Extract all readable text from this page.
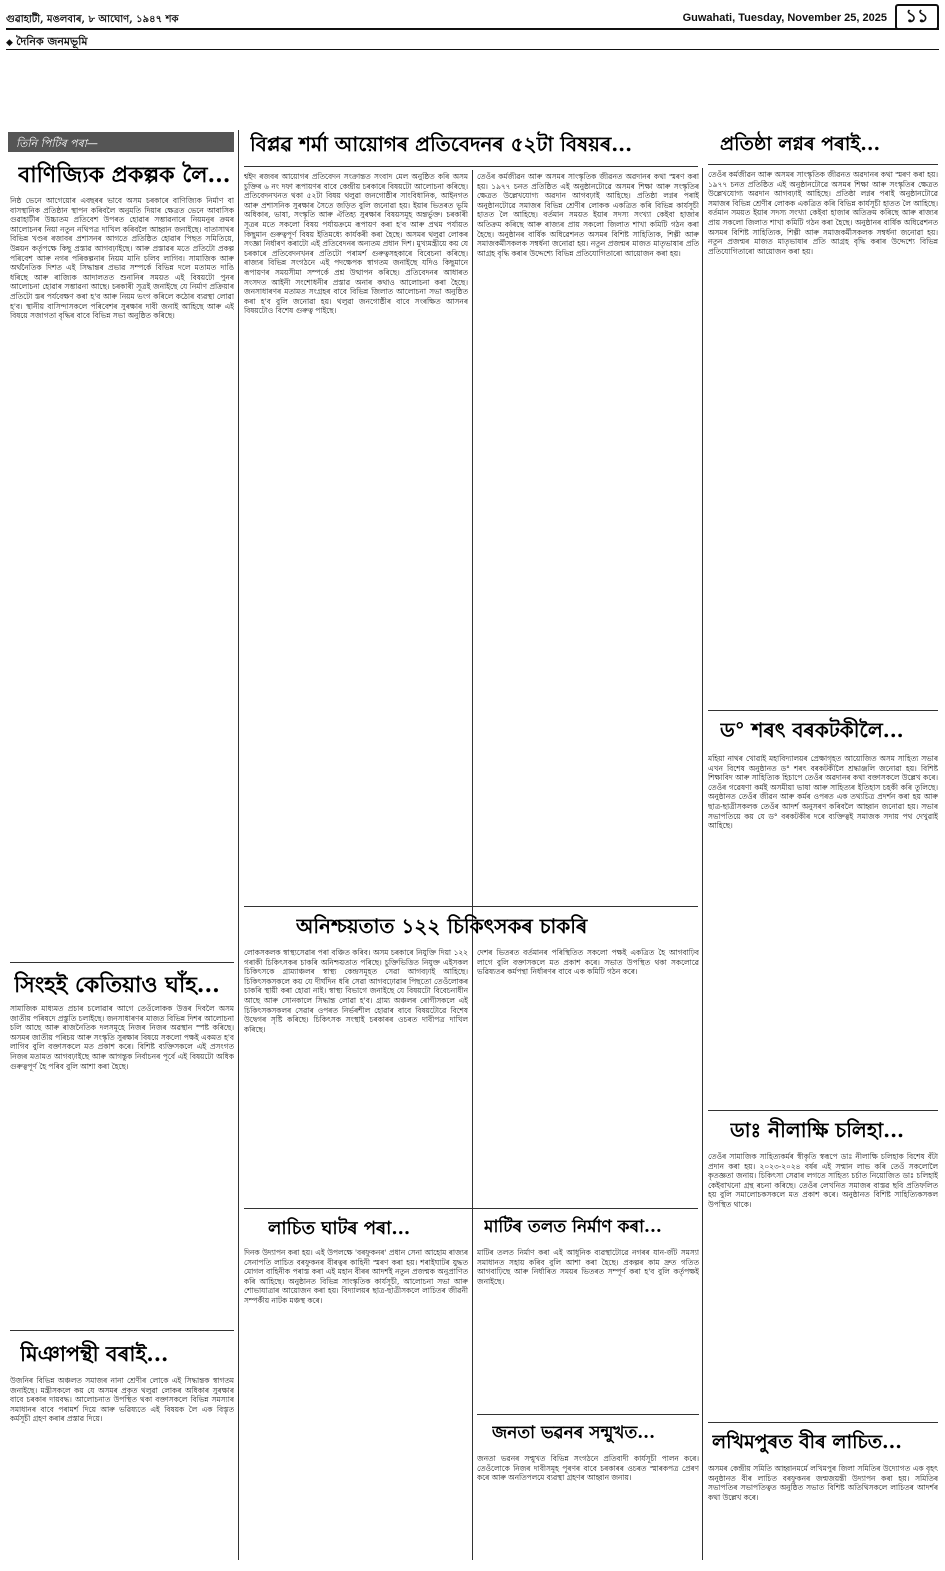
গুৱাহাটী, মঙলবাৰ, ৮ আঘোণ, ১৯৪৭ শক	Guwahati, Tuesday, November 25, 2025	১১
◆ দৈনিক জনমভূমি
তিনি পিটিৰ পৰা—
বাণিজ্যিক প্ৰকল্পক লৈ...
নিষ্ঠ ভেনে আগেয়োৰ এবছৰৰ ভাবে অসম চৰকাৰে বাণিজ্যিক নিৰ্মাণ বা বাসস্থানিক প্ৰতিষ্ঠান স্থাপন কৰিবলৈ অনুমতি দিয়াৰ ক্ষেত্ৰত ভেনে আবাসিক গুৱাহাটীৰ উচ্চ্যতম প্ৰতিবেশ উপৰত হোৱাৰ সম্ভাৱনাৰে নিয়মনুৰ ক্ৰমৰ আলোচনৰ নিয়া নতুন নথিপত্ৰ দাখিল কৰিবলৈ আহ্বান জনাইছে। বাতাসাথৰ বিভিন্ন খণ্ডৰ ৰজাবৰ প্ৰশাসনৰ আগতে প্ৰতিষ্ঠিত হোৱাৰ পিছত সমিতিয়ে, উন্নয়ন কৰ্তৃপক্ষে কিছু প্ৰস্তাৱ আগবঢ়াইছে। আৰু প্ৰস্তাৱৰ মতে প্ৰতিটো প্ৰকল্প পৰিবেশ আৰু নগৰ পৰিকল্পনাৰ নিয়ম মানি চলিব লাগিব। সামাজিক আৰু অৰ্থনৈতিক দিশত এই সিদ্ধান্তৰ প্ৰভাৱ সম্পৰ্কে বিভিন্ন দলে মতামত দাঙি ধৰিছে আৰু ৰাজ্যিক আদালতত শুনানিৰ সময়ত এই বিষয়টো পুনৰ আলোচনা হোৱাৰ সম্ভাৱনা আছে। চৰকাৰী সূত্ৰই জনাইছে যে নিৰ্মাণ প্ৰক্ৰিয়াৰ প্ৰতিটো স্তৰ পৰ্যবেক্ষণ কৰা হ'ব আৰু নিয়ম ভংগ কৰিলে কঠোৰ ব্যৱস্থা লোৱা হ'ব। স্থানীয় বাসিন্দাসকলে পৰিবেশৰ সুৰক্ষাৰ দাবী জনাই আহিছে আৰু এই বিষয়ে সজাগতা বৃদ্ধিৰ বাবে বিভিন্ন সভা অনুষ্ঠিত কৰিছে।
সিংহই কেতিয়াও ঘাঁহ...
সামাজিক মাধ্যমত প্ৰচাৰ চলোৱাৰ আগে তেওঁলোকক উত্তৰ দিবলৈ অসম জাতীয় পৰিষদে প্ৰস্তুতি চলাইছে। জনসাধাৰণৰ মাজত বিভিন্ন দিশৰ আলোচনা চলি আছে আৰু ৰাজনৈতিক দলসমূহে নিজৰ নিজৰ অৱস্থান স্পষ্ট কৰিছে। অসমৰ জাতীয় পৰিচয় আৰু সংস্কৃতি সুৰক্ষাৰ বিষয়ে সকলো পক্ষই একমত হ'ব লাগিব বুলি বক্তাসকলে মত প্ৰকাশ কৰে। বিশিষ্ট ব্যক্তিসকলে এই প্ৰসংগত নিজৰ মতামত আগবঢ়াইছে আৰু আগন্তুক নিৰ্বাচনৰ পূৰ্বে এই বিষয়টো অধিক গুৰুত্বপূৰ্ণ হৈ পৰিব বুলি আশা কৰা হৈছে।
মিঞাপন্থী বৰাই...
উজনিৰ বিভিন্ন অঞ্চলত সমাজৰ নানা শ্ৰেণীৰ লোকে এই সিদ্ধান্তক স্বাগতম জনাইছে। মন্ত্ৰীসকলে কয় যে অসমৰ প্ৰকৃত থলুৱা লোকৰ অধিকাৰ সুৰক্ষাৰ বাবে চৰকাৰ দায়বদ্ধ। আলোচনাত উপস্থিত থকা বক্তাসকলে বিভিন্ন সমস্যাৰ সমাধানৰ বাবে পৰামৰ্শ দিয়ে আৰু ভৱিষ্যতে এই বিষয়ক লৈ এক বিস্তৃত কৰ্মসূচী গ্ৰহণ কৰাৰ প্ৰস্তাৱ দিয়ে।
বিপ্লৱ শৰ্মা আয়োগৰ প্ৰতিবেদনৰ ৫২টা বিষয়ৰ...
শ্বইদ ৰজবৰ আয়োগৰ প্ৰতিবেদন সংক্ৰান্তত সংবাদ মেল অনুষ্ঠিত কৰি অসম চুক্তিৰ ৬ নং দফা ৰূপায়ণৰ বাবে কেন্দ্ৰীয় চৰকাৰে বিষয়টো আলোচনা কৰিছে। প্ৰতিবেদনখনত থকা ৫২টা বিষয় থলুৱা জনগোষ্ঠীৰ সাংবিধানিক, আইনগত আৰু প্ৰশাসনিক সুৰক্ষাৰ সৈতে জড়িত বুলি জনোৱা হয়। ইয়াৰ ভিতৰত ভূমি অধিকাৰ, ভাষা, সংস্কৃতি আৰু ঐতিহ্য সুৰক্ষাৰ বিষয়সমূহ অন্তৰ্ভুক্ত। চৰকাৰী সূত্ৰৰ মতে সকলো বিষয় পৰ্যায়ক্ৰমে ৰূপায়ণ কৰা হ'ব আৰু প্ৰথম পৰ্যায়ত কিছুমান গুৰুত্বপূৰ্ণ বিষয় ইতিমধ্যে কাৰ্যকৰী কৰা হৈছে। অসমৰ থলুৱা লোকৰ সংজ্ঞা নিৰ্ধাৰণ কৰাটো এই প্ৰতিবেদনৰ অন্যতম প্ৰধান দিশ। মুখ্যমন্ত্ৰীয়ে কয় যে চৰকাৰে প্ৰতিবেদনখনৰ প্ৰতিটো পৰামৰ্শ গুৰুত্বসহকাৰে বিবেচনা কৰিছে। ৰাজ্যৰ বিভিন্ন সংগঠনে এই পদক্ষেপক স্বাগতম জনাইছে যদিও কিছুমানে ৰূপায়ণৰ সময়সীমা সম্পৰ্কে প্ৰশ্ন উত্থাপন কৰিছে। প্ৰতিবেদনৰ আধাৰত সংসদত আইনী সংশোধনীৰ প্ৰস্তাৱ অনাৰ কথাও আলোচনা কৰা হৈছে। জনসাধাৰণৰ মতামত সংগ্ৰহৰ বাবে বিভিন্ন জিলাত আলোচনা সভা অনুষ্ঠিত কৰা হ'ব বুলি জনোৱা হয়। থলুৱা জনগোষ্ঠীৰ বাবে সংৰক্ষিত আসনৰ বিষয়টোও বিশেষ গুৰুত্ব পাইছে।
তেওঁৰ কৰ্মজীৱন আৰু অসমৰ সাংস্কৃতিক জীৱনত অৱদানৰ কথা স্মৰণ কৰা হয়। ১৯৭৭ চনত প্ৰতিষ্ঠিত এই অনুষ্ঠানটোৱে অসমৰ শিক্ষা আৰু সংস্কৃতিৰ ক্ষেত্ৰত উল্লেখযোগ্য অৱদান আগবঢ়াই আহিছে। প্ৰতিষ্ঠা লগ্নৰ পৰাই অনুষ্ঠানটোৱে সমাজৰ বিভিন্ন শ্ৰেণীৰ লোকক একত্ৰিত কৰি বিভিন্ন কাৰ্যসূচী হাতত লৈ আহিছে। বৰ্তমান সময়ত ইয়াৰ সদস্য সংখ্যা কেইবা হাজাৰ অতিক্ৰম কৰিছে আৰু ৰাজ্যৰ প্ৰায় সকলো জিলাত শাখা কমিটি গঠন কৰা হৈছে। অনুষ্ঠানৰ বাৰ্ষিক অধিৱেশনত অসমৰ বিশিষ্ট সাহিত্যিক, শিল্পী আৰু সমাজকৰ্মীসকলক সম্বৰ্ধনা জনোৱা হয়। নতুন প্ৰজন্মৰ মাজত মাতৃভাষাৰ প্ৰতি আগ্ৰহ বৃদ্ধি কৰাৰ উদ্দেশ্যে বিভিন্ন প্ৰতিযোগিতাৰো আয়োজন কৰা হয়।
অনিশ্চয়তাত ১২২ চিকিৎসকৰ চাকৰি
লোকসকলক স্বাস্থ্যসেৱাৰ পৰা বঞ্চিত কৰিব। অসম চৰকাৰে নিযুক্তি দিয়া ১২২ গৰাকী চিকিৎসকৰ চাকৰি অনিশ্চয়তাত পৰিছে। চুক্তিভিত্তিত নিযুক্ত এইসকল চিকিৎসকে গ্ৰাম্যাঞ্চলৰ স্বাস্থ্য কেন্দ্ৰসমূহত সেৱা আগবঢ়াই আহিছে। চিকিৎসকসকলে কয় যে দীৰ্ঘদিন ধৰি সেৱা আগবঢ়োৱাৰ পিছতো তেওঁলোকৰ চাকৰি স্থায়ী কৰা হোৱা নাই। স্বাস্থ্য বিভাগে জনাইছে যে বিষয়টো বিবেচনাধীন আছে আৰু সোনকালে সিদ্ধান্ত লোৱা হ'ব। গ্ৰাম্য অঞ্চলৰ ৰোগীসকলে এই চিকিৎসকসকলৰ সেৱাৰ ওপৰত নিৰ্ভৰশীল হোৱাৰ বাবে বিষয়টোৱে বিশেষ উদ্বেগৰ সৃষ্টি কৰিছে। চিকিৎসক সংস্থাই চৰকাৰৰ ওচৰত দাবীপত্ৰ দাখিল কৰিছে।
দেশৰ ভিতৰত বৰ্তমানৰ পৰিস্থিতিত সকলো পক্ষই একত্ৰিত হৈ আগবাঢ়িব লাগে বুলি বক্তাসকলে মত প্ৰকাশ কৰে। সভাত উপস্থিত থকা সকলোৱে ভৱিষ্যতৰ কৰ্মপন্থা নিৰ্ধাৰণৰ বাবে এক কমিটি গঠন কৰে।
লাচিত ঘাটৰ পৰা...
দিনক উদ্যাপন কৰা হয়। এই উপলক্ষে 'বৰফুকনৰ' প্ৰধান সেনা আহোম ৰাজ্যৰ সেনাপতি লাচিত বৰফুকনৰ বীৰত্বৰ কাহিনী স্মৰণ কৰা হয়। শৰাইঘাটৰ যুদ্ধত মোগল বাহিনীক পৰাস্ত কৰা এই মহান বীৰৰ আদৰ্শই নতুন প্ৰজন্মক অনুপ্ৰাণিত কৰি আহিছে। অনুষ্ঠানত বিভিন্ন সাংস্কৃতিক কাৰ্যসূচী, আলোচনা সভা আৰু শোভাযাত্ৰাৰ আয়োজন কৰা হয়। বিদ্যালয়ৰ ছাত্ৰ-ছাত্ৰীসকলে লাচিতৰ জীৱনী সম্পৰ্কীয় নাটক মঞ্চস্থ কৰে।
মাটিৰ তলত নিৰ্মাণ কৰা...
মাটিৰ তলত নিৰ্মাণ কৰা এই আধুনিক ব্যৱস্থাটোৱে নগৰৰ যান-জঁট সমস্যা সমাধানত সহায় কৰিব বুলি আশা কৰা হৈছে। প্ৰকল্পৰ কাম দ্ৰুত গতিত আগবাঢ়িছে আৰু নিৰ্ধাৰিত সময়ৰ ভিতৰত সম্পূৰ্ণ কৰা হ'ব বুলি কৰ্তৃপক্ষই জনাইছে।
জনতা ভৱনৰ সন্মুখত...
জনতা ভৱনৰ সন্মুখত বিভিন্ন সংগঠনে প্ৰতিবাদী কাৰ্যসূচী পালন কৰে। তেওঁলোকে নিজৰ দাবীসমূহ পূৰণৰ বাবে চৰকাৰৰ ওচৰত স্মাৰকপত্ৰ প্ৰেৰণ কৰে আৰু অনতিপলমে ব্যৱস্থা গ্ৰহণৰ আহ্বান জনায়।
প্ৰতিষ্ঠা লগ্নৰ পৰাই...
তেওঁৰ কৰ্মজীৱন আৰু অসমৰ সাংস্কৃতিক জীৱনত অৱদানৰ কথা স্মৰণ কৰা হয়। ১৯৭৭ চনত প্ৰতিষ্ঠিত এই অনুষ্ঠানটোৱে অসমৰ শিক্ষা আৰু সংস্কৃতিৰ ক্ষেত্ৰত উল্লেখযোগ্য অৱদান আগবঢ়াই আহিছে। প্ৰতিষ্ঠা লগ্নৰ পৰাই অনুষ্ঠানটোৱে সমাজৰ বিভিন্ন শ্ৰেণীৰ লোকক একত্ৰিত কৰি বিভিন্ন কাৰ্যসূচী হাতত লৈ আহিছে। বৰ্তমান সময়ত ইয়াৰ সদস্য সংখ্যা কেইবা হাজাৰ অতিক্ৰম কৰিছে আৰু ৰাজ্যৰ প্ৰায় সকলো জিলাত শাখা কমিটি গঠন কৰা হৈছে। অনুষ্ঠানৰ বাৰ্ষিক অধিৱেশনত অসমৰ বিশিষ্ট সাহিত্যিক, শিল্পী আৰু সমাজকৰ্মীসকলক সম্বৰ্ধনা জনোৱা হয়। নতুন প্ৰজন্মৰ মাজত মাতৃভাষাৰ প্ৰতি আগ্ৰহ বৃদ্ধি কৰাৰ উদ্দেশ্যে বিভিন্ন প্ৰতিযোগিতাৰো আয়োজন কৰা হয়।
ড° শৰৎ বৰকটকীলৈ...
মহিয়া নাথৰ খোৱাই মহাবিদ্যালয়ৰ প্ৰেক্ষাগৃহত আয়োজিত অসম সাহিত্য সভাৰ এখন বিশেষ অনুষ্ঠানত ড° শৰৎ বৰকটকীলৈ শ্ৰদ্ধাঞ্জলি জনোৱা হয়। বিশিষ্ট শিক্ষাবিদ আৰু সাহিত্যিক হিচাপে তেওঁৰ অৱদানৰ কথা বক্তাসকলে উল্লেখ কৰে। তেওঁৰ গৱেষণা কৰ্মই অসমীয়া ভাষা আৰু সাহিত্যৰ ইতিহাস চহকী কৰি তুলিছে। অনুষ্ঠানত তেওঁৰ জীৱন আৰু কৰ্মৰ ওপৰত এক তথ্যচিত্ৰ প্ৰদৰ্শন কৰা হয় আৰু ছাত্ৰ-ছাত্ৰীসকলক তেওঁৰ আদৰ্শ অনুসৰণ কৰিবলৈ আহ্বান জনোৱা হয়। সভাৰ সভাপতিয়ে কয় যে ড° বৰকটকীৰ দৰে ব্যক্তিত্বই সমাজক সদায় পথ দেখুৱাই আহিছে।
ডাঃ নীলাক্ষি চলিহা...
তেওঁৰ সামাজিক সাহিত্যকৰ্মৰ স্বীকৃতি স্বৰূপে ডাঃ নীলাক্ষি চলিহাক বিশেষ বঁটা প্ৰদান কৰা হয়। ২০২৩-২০২৪ বৰ্ষৰ এই সন্মান লাভ কৰি তেওঁ সকলোলৈ কৃতজ্ঞতা জনায়। চিকিৎসা সেৱাৰ লগতে সাহিত্য চৰ্চাত নিয়োজিত ডাঃ চলিহাই কেইবাখনো গ্ৰন্থ ৰচনা কৰিছে। তেওঁৰ লেখনিত সমাজৰ বাস্তৱ ছবি প্ৰতিফলিত হয় বুলি সমালোচকসকলে মত প্ৰকাশ কৰে। অনুষ্ঠানত বিশিষ্ট সাহিত্যিকসকল উপস্থিত থাকে।
লখিমপুৰত বীৰ লাচিত...
অসমৰ কেন্দ্ৰীয় সমিতি আহ্বানমৰ্মে লখিমপুৰ জিলা সমিতিৰ উদ্যোগত এক বৃহৎ অনুষ্ঠানত বীৰ লাচিত বৰফুকনৰ জন্মজয়ন্তী উদ্যাপন কৰা হয়। সমিতিৰ সভাপতিৰ সভাপতিত্বত অনুষ্ঠিত সভাত বিশিষ্ট অতিথিসকলে লাচিতৰ আদৰ্শৰ কথা উল্লেখ কৰে।
